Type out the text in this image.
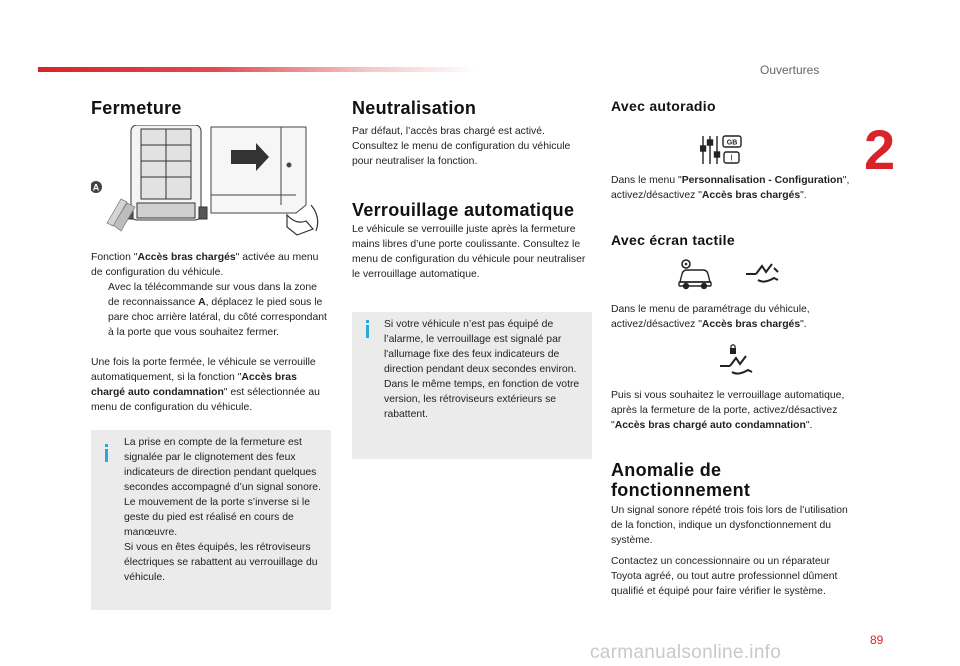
Ouvertures
2
Fermeture
A

Fonction "Accès bras chargés" activée au menu de configuration du véhicule.

Avec la télécommande sur vous dans la zone de reconnaissance A, déplacez le pied sous le pare choc arrière latéral, du côté correspondant à la porte que vous souhaitez fermer.

Une fois la porte fermée, le véhicule se verrouille automatiquement, si la fonction "Accès bras chargé auto condamnation" est sélectionnée au menu de configuration du véhicule.

La prise en compte de la fermeture est signalée par le clignotement des feux indicateurs de direction pendant quelques secondes accompagné d’un signal sonore.
Le mouvement de la porte s’inverse si le geste du pied est réalisé en cours de manœuvre.
Si vous en êtes équipés, les rétroviseurs électriques se rabattent au verrouillage du véhicule.

Neutralisation

Par défaut, l’accès bras chargé est activé. Consultez le menu de configuration du véhicule pour neutraliser la fonction.

Verrouillage automatique

Le véhicule se verrouille juste après la fermeture mains libres d’une porte coulissante. Consultez le menu de configuration du véhicule pour neutraliser le verrouillage automatique.

Si votre véhicule n’est pas équipé de l’alarme, le verrouillage est signalé par l'allumage fixe des feux indicateurs de direction pendant deux secondes environ.
Dans le même temps, en fonction de votre version, les rétroviseurs extérieurs se rabattent.

Avec autoradio
GB
I

Dans le menu "Personnalisation - Configuration", activez/désactivez "Accès bras chargés".

Avec écran tactile

Dans le menu de paramétrage du véhicule, activez/désactivez "Accès bras chargés".

Puis si vous souhaitez le verrouillage automatique, après la fermeture de la porte, activez/désactivez "Accès bras chargé auto condamnation".

Anomalie de fonctionnement

Un signal sonore répété trois fois lors de l’utilisation de la fonction, indique un dysfonctionnement du système.

Contactez un concessionnaire ou un réparateur Toyota agréé, ou tout autre professionnel dûment qualifié et équipé pour faire vérifier le système.

89
carmanualsonline.info
